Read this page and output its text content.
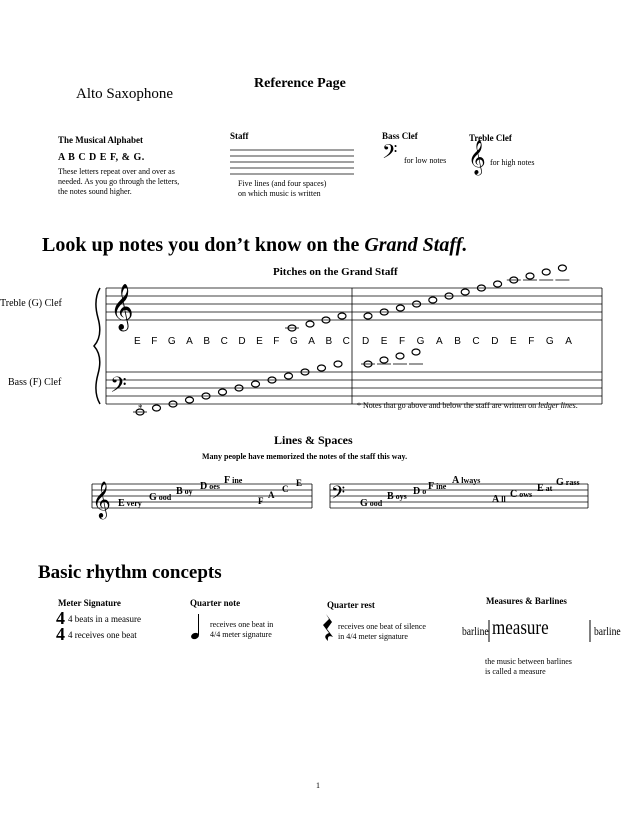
Alto Saxophone
Reference Page
The Musical Alphabet
A B C D E F, & G.
These letters repeat over and over as
needed. As you go through the letters,
the notes sound higher.
Staff
Five lines (and four spaces)
on which music is written
Bass Clef
𝄢 for low notes
Treble Clef
𝄞 for high notes
Look up notes you don’t know on the Grand Staff.
Pitches on the Grand Staff
Treble (G) Clef
Bass (F) Clef
𝄞
𝄢
E F G A B C D E F G A B C D E F G A B C D E F G A
*	* Notes that go above and below the staff are written on ledger lines.
Lines & Spaces
Many people have memorized the notes of the staff this way.
𝄞	𝄢
E very
G ood
B oy D oes
F ine
F
A
C
E
G ood
B oys D o F ine
A lways
A ll C ows
E at
G rass
Basic rhythm concepts
Meter Signature
4
4
4 beats in a measure
4 receives one beat
Quarter note
receives one beat in
4/4 meter signature
Quarter rest
receives one beat of silence
in 4/4 meter signature
Measures & Barlines
barline measure	barline
the music between barlines
is called a measure
1
